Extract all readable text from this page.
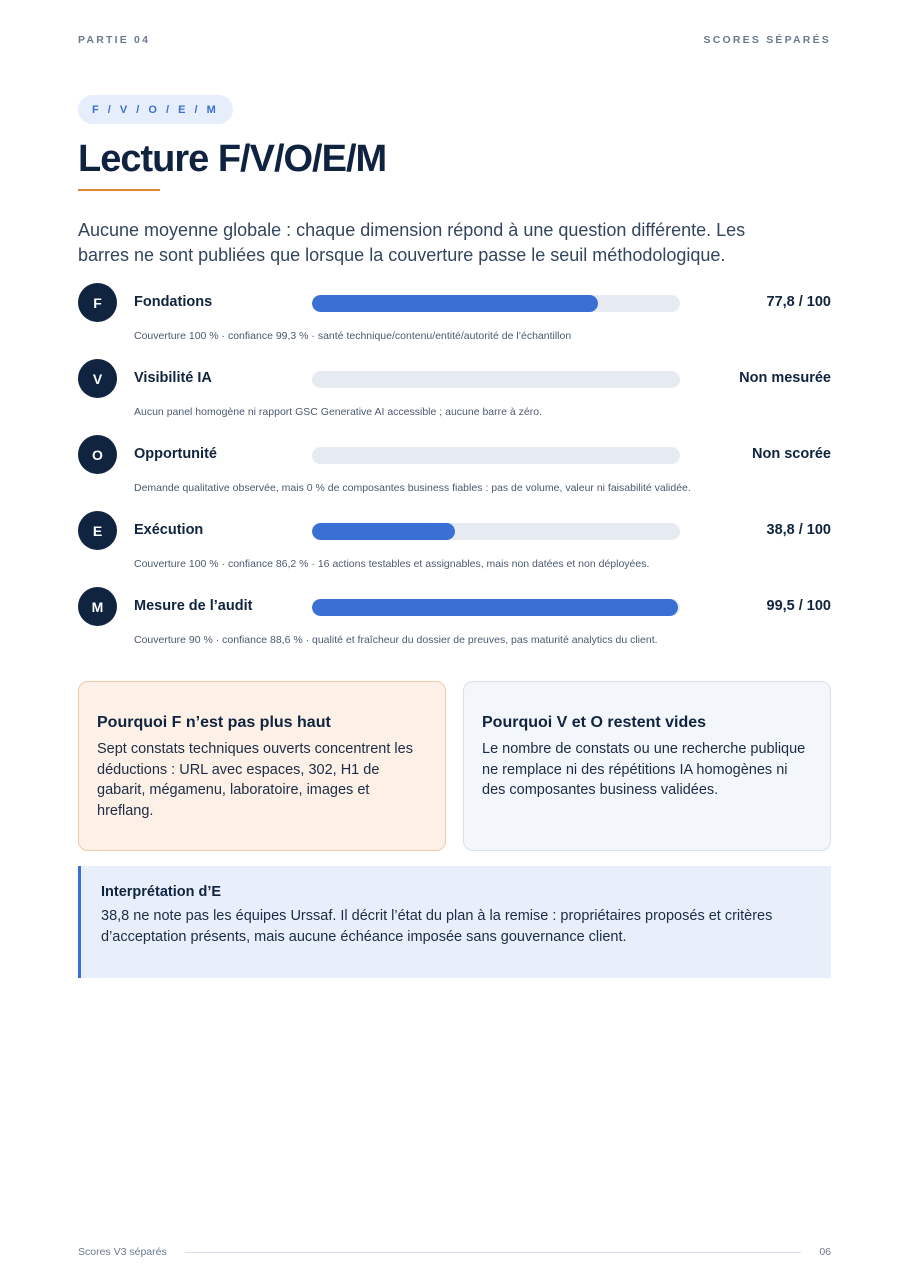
PARTIE 04	SCORES SÉPARÉS
F / V / O / E / M
Lecture F/V/O/E/M

Aucune moyenne globale : chaque dimension répond à une question différente. Les barres ne sont publiées que lorsque la couverture passe le seuil méthodologique.

F	Fondations	77,8 / 100
Couverture 100 % · confiance 99,3 % · santé technique/contenu/entité/autorité de l’échantillon
V	Visibilité IA	Non mesurée
Aucun panel homogène ni rapport GSC Generative AI accessible ; aucune barre à zéro.
O	Opportunité	Non scorée
Demande qualitative observée, mais 0 % de composantes business fiables : pas de volume, valeur ni faisabilité validée.
E	Exécution	38,8 / 100
Couverture 100 % · confiance 86,2 % · 16 actions testables et assignables, mais non datées et non déployées.
M	Mesure de l’audit	99,5 / 100
Couverture 90 % · confiance 88,6 % · qualité et fraîcheur du dossier de preuves, pas maturité analytics du client.
Pourquoi F n’est pas plus haut
Sept constats techniques ouverts concentrent les déductions : URL avec espaces, 302, H1 de gabarit, mégamenu, laboratoire, images et hreflang.
Pourquoi V et O restent vides
Le nombre de constats ou une recherche publique ne remplace ni des répétitions IA homogènes ni des composantes business validées.
Interprétation d’E
38,8 ne note pas les équipes Urssaf. Il décrit l’état du plan à la remise : propriétaires proposés et critères d’acceptation présents, mais aucune échéance imposée sans gouvernance client.
Scores V3 séparés	06
